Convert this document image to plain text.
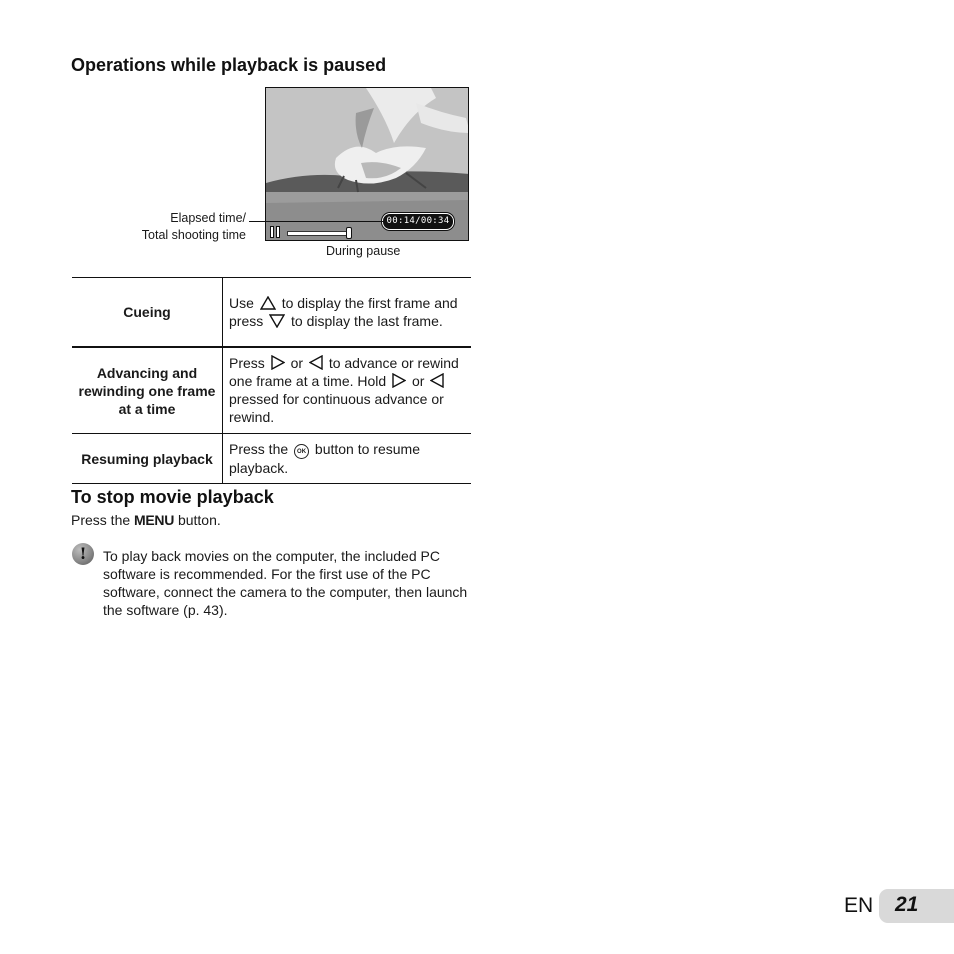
Operations while playback is paused
00:14/00:34
Elapsed time/
Total shooting time
During pause
Cueing	Use to display the first frame and press to display the last frame.
Advancing and rewinding one frame at a time	Press or to advance or rewind one frame at a time. Hold or  pressed for continuous advance or rewind.
Resuming playback	Press the OK button to resume playback.
To stop movie playback
Press the MENU button.
!	To play back movies on the computer, the included PC software is recommended. For the first use of the PC software, connect the camera to the computer, then launch the software (p. 43).
EN 21
